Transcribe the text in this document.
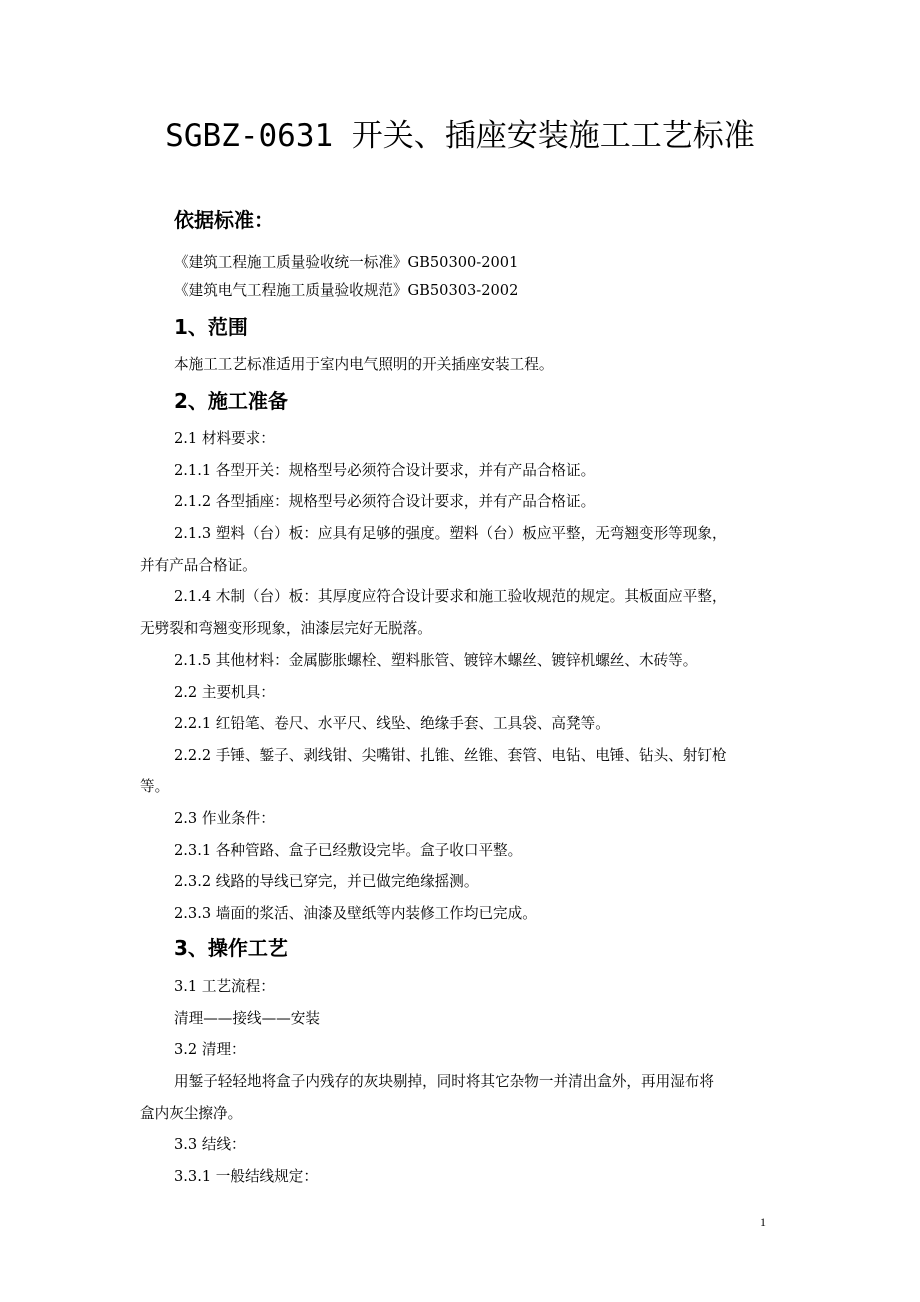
SGBZ-0631 开关、插座安装施工工艺标准
依据标准：
《建筑工程施工质量验收统一标准》GB50300-2001
《建筑电气工程施工质量验收规范》GB50303-2002
1、范围
本施工工艺标准适用于室内电气照明的开关插座安装工程。
2、施工准备
2.1 材料要求：
2.1.1 各型开关：规格型号必须符合设计要求，并有产品合格证。
2.1.2 各型插座：规格型号必须符合设计要求，并有产品合格证。
2.1.3 塑料（台）板：应具有足够的强度。塑料（台）板应平整，无弯翘变形等现象，
并有产品合格证。
2.1.4 木制（台）板：其厚度应符合设计要求和施工验收规范的规定。其板面应平整，
无劈裂和弯翘变形现象，油漆层完好无脱落。
2.1.5 其他材料：金属膨胀螺栓、塑料胀管、镀锌木螺丝、镀锌机螺丝、木砖等。
2.2 主要机具：
2.2.1 红铅笔、卷尺、水平尺、线坠、绝缘手套、工具袋、高凳等。
2.2.2 手锤、錾子、剥线钳、尖嘴钳、扎锥、丝锥、套管、电钻、电锤、钻头、射钉枪
等。
2.3 作业条件：
2.3.1 各种管路、盒子已经敷设完毕。盒子收口平整。
2.3.2 线路的导线已穿完，并已做完绝缘摇测。
2.3.3 墙面的浆活、油漆及壁纸等内装修工作均已完成。
3、操作工艺
3.1 工艺流程：
清理——接线——安装
3.2 清理：
用錾子轻轻地将盒子内残存的灰块剔掉，同时将其它杂物一并清出盒外，再用湿布将
盒内灰尘擦净。
3.3 结线：
3.3.1 一般结线规定：
1
